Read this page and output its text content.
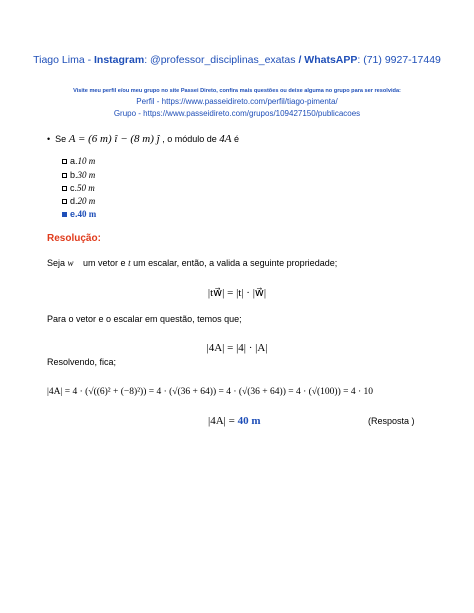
Tiago Lima - Instagram: @professor_disciplinas_exatas / WhatsAPP: (71) 9927-17449
Visite meu perfil e/ou meu grupo no site Passei Direto, confira mais questões ou deixe alguma no grupo para ser resolvida:
Perfil - https://www.passeidireto.com/perfil/tiago-pimenta/
Grupo - https://www.passeidireto.com/grupos/109427150/publicacoes
• Se A = (6 m) î − (8 m) ĵ , o módulo de 4A é
a. 10 m
b. 30 m
c. 50 m
d. 20 m
e. 40 m
Resolução:
Seja w⃗ um vetor e t um escalar, então, a valida a seguinte propriedade;
|tw⃗| = |t| · |w⃗|
Para o vetor e o escalar em questão, temos que;
|4A| = |4| · |A|
Resolvendo, fica;
|4A| = 4 · (√((6)² + (−8)²)) = 4 · (√(36 + 64)) = 4 · (√(36 + 64)) = 4 · (√(100)) = 4 · 10
|4A| = 40 m	(Resposta )
